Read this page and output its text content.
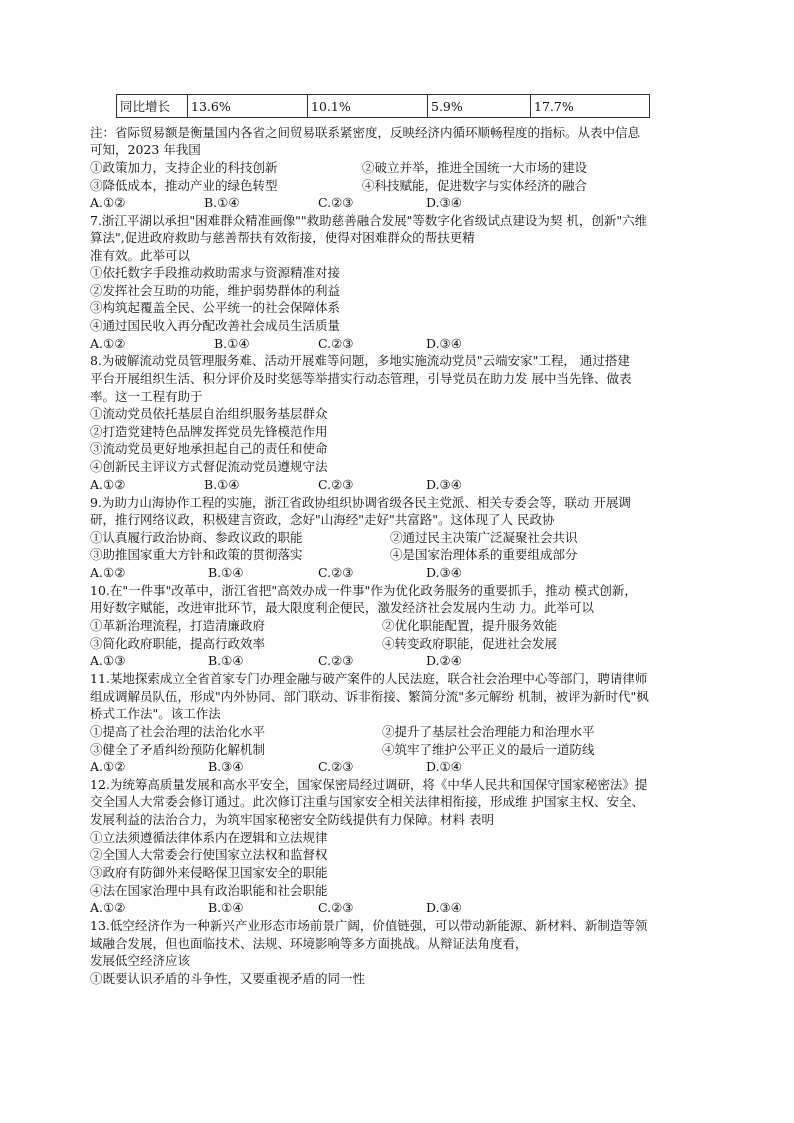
同比增长	13.6%	10.1%	5.9%	17.7%
注：省际贸易额是衡量国内各省之间贸易联系紧密度，反映经济内循环顺畅程度的指标。从表中信息
可知，2023 年我国
①政策加力，支持企业的科技创新	②破立并举，推进全国统一大市场的建设
③降低成本，推动产业的绿色转型	④科技赋能，促进数字与实体经济的融合
A.①②	B.①④	C.②③	D.③④
7.浙江平湖以承担"困难群众精准画像""救助慈善融合发展"等数字化省级试点建设为契 机，创新"六维
算法",促进政府救助与慈善帮扶有效衔接，使得对困难群众的帮扶更精
准有效。此举可以
①依托数字手段推动救助需求与资源精准对接
②发挥社会互助的功能，维护弱势群体的利益
③构筑起覆盖全民、公平统一的社会保障体系
④通过国民收入再分配改善社会成员生活质量
A.①②	B.①④	C.②③	D.③④
8.为破解流动党员管理服务难、活动开展难等问题，多地实施流动党员"云端安家"工程， 通过搭建
平台开展组织生活、积分评价及时奖惩等举措实行动态管理，引导党员在助力发 展中当先锋、做表
率。这一工程有助于
①流动党员依托基层自治组织服务基层群众
②打造党建特色品牌发挥党员先锋模范作用
③流动党员更好地承担起自己的责任和使命
④创新民主评议方式督促流动党员遵规守法
A.①②	B.①④	C.②③	D.③④
9.为助力山海协作工程的实施，浙江省政协组织协调省级各民主党派、相关专委会等，联动 开展调
研，推行网络议政，积极建言资政，念好"山海经"走好"共富路"。这体现了人 民政协
①认真履行政治协商、参政议政的职能	②通过民主决策广泛凝聚社会共识
③助推国家重大方针和政策的贯彻落实	④是国家治理体系的重要组成部分
A.①②	B.①④	C.②③	D.③④
10.在"一件事"改革中，浙江省把"高效办成一件事"作为优化政务服务的重要抓手，推动 模式创新，
用好数字赋能，改进审批环节，最大限度利企便民，激发经济社会发展内生动 力。此举可以
①革新治理流程，打造清廉政府	②优化职能配置，提升服务效能
③简化政府职能，提高行政效率	④转变政府职能，促进社会发展
A.①③	B.①④	C.②③	D.②④
11.某地探索成立全省首家专门办理金融与破产案件的人民法庭，联合社会治理中心等部门，聘请律师
组成调解员队伍，形成"内外协同、部门联动、诉非衔接、繁简分流"多元解纷 机制，被评为新时代"枫
桥式工作法"。该工作法
①提高了社会治理的法治化水平	②提升了基层社会治理能力和治理水平
③健全了矛盾纠纷预防化解机制	④筑牢了维护公平正义的最后一道防线
A.①②	B.③④	C.②③	D.①④
12.为统筹高质量发展和高水平安全，国家保密局经过调研，将《中华人民共和国保守国家秘密法》提
交全国人大常委会修订通过。此次修订注重与国家安全相关法律相衔接，形成维 护国家主权、安全、
发展利益的法治合力，为筑牢国家秘密安全防线提供有力保障。材料 表明
①立法须遵循法律体系内在逻辑和立法规律
②全国人大常委会行使国家立法权和监督权
③政府有防御外来侵略保卫国家安全的职能
④法在国家治理中具有政治职能和社会职能
A.①②	B.①④	C.②③	D.③④
13.低空经济作为一种新兴产业形态市场前景广阔，价值链强，可以带动新能源、新材料、新制造等领
域融合发展，但也面临技术、法规、环境影响等多方面挑战。从辩证法角度看，
发展低空经济应该
①既要认识矛盾的斗争性，又要重视矛盾的同一性
